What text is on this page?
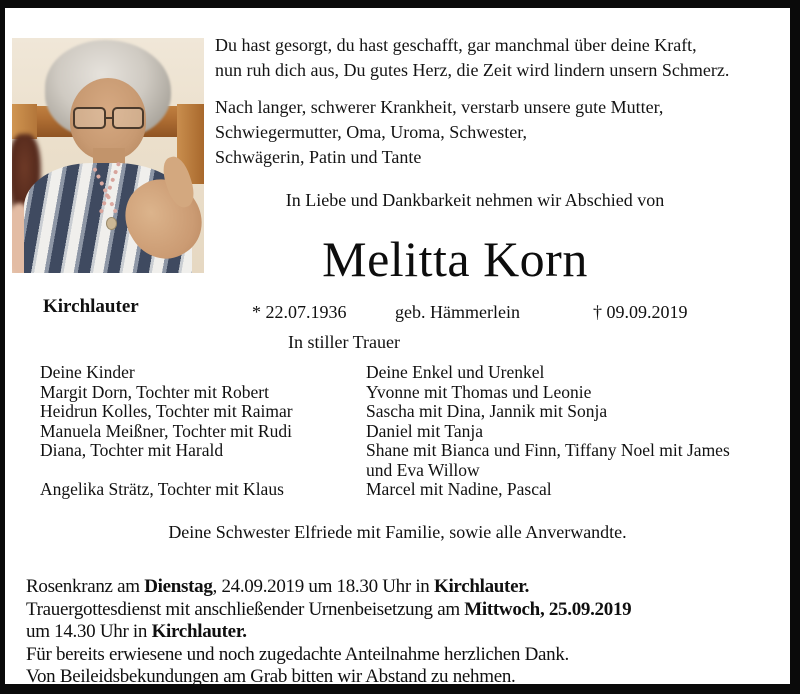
Du hast gesorgt, du hast geschafft, gar manchmal über deine Kraft,
nun ruh dich aus, Du gutes Herz, die Zeit wird lindern unsern Schmerz.
Nach langer, schwerer Krankheit, verstarb unsere gute Mutter,
Schwiegermutter, Oma, Uroma, Schwester,
Schwägerin, Patin und Tante
In Liebe und Dankbarkeit nehmen wir Abschied von
Melitta Korn
Kirchlauter	* 22.07.1936	geb. Hämmerlein	† 09.09.2019
In stiller Trauer
Deine Kinder
Margit Dorn, Tochter mit Robert
Heidrun Kolles, Tochter mit Raimar
Manuela Meißner, Tochter mit Rudi
Diana, Tochter mit Harald
Angelika Strätz, Tochter mit Klaus
Deine Enkel und Urenkel
Yvonne mit Thomas und Leonie
Sascha mit Dina, Jannik mit Sonja
Daniel mit Tanja
Shane mit Bianca und Finn, Tiffany Noel mit James
und Eva Willow
Marcel mit Nadine, Pascal
Deine Schwester Elfriede mit Familie, sowie alle Anverwandte.
Rosenkranz am Dienstag, 24.09.2019 um 18.30 Uhr in Kirchlauter.
Trauergottesdienst mit anschließender Urnenbeisetzung am Mittwoch, 25.09.2019
um 14.30 Uhr in Kirchlauter.
Für bereits erwiesene und noch zugedachte Anteilnahme herzlichen Dank.
Von Beileidsbekundungen am Grab bitten wir Abstand zu nehmen.
